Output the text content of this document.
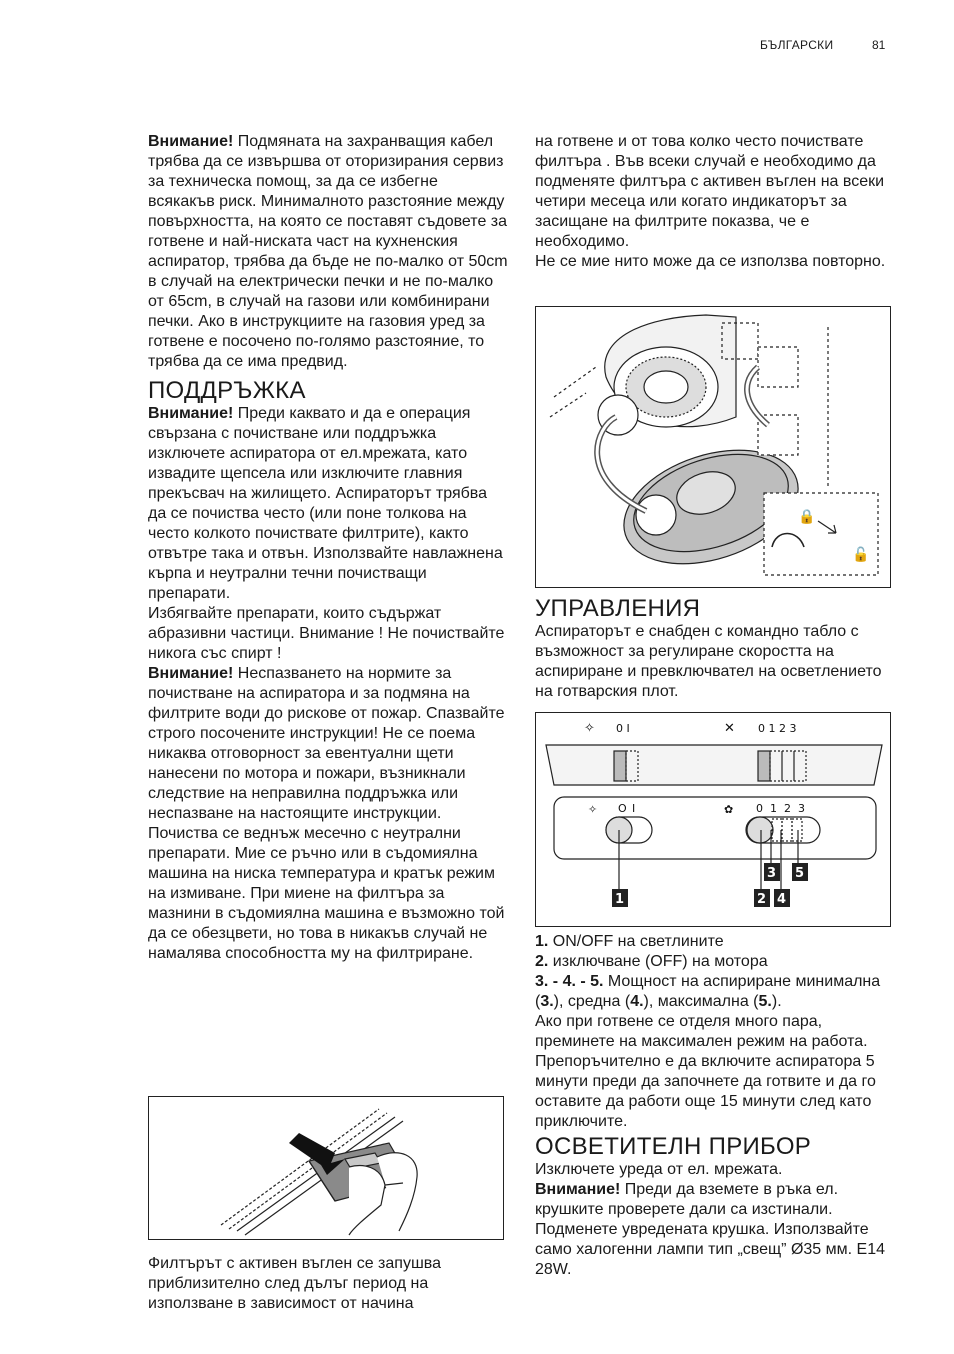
БЪЛГАРСКИ	81

Внимание! Подмяната на захранващия кабел трябва да се извършва от оторизирания сервиз за техническа помощ, за да се избегне всякакъв риск. Минималното разстояние между повърхността, на която се поставят съдовете за готвене и най-ниската част на кухненския аспиратор, трябва да бъде не по-малко от 50cm в случай на електрически печки и не по-малко от 65cm, в случай на газови или комбинирани печки. Ако в инструкциите на газовия уред за готвене е посочено по-голямо разстояние, то трябва да се има предвид.

ПОДДРЪЖКА

Внимание! Преди каквато и да е операция свързана с почистване или поддръжка изключете аспиратора от ел.мрежата, като извадите щепсела или изключите главния прекъсвач на жилището. Аспираторът трябва да се почиства често (или поне толкова на често колкото почиствате филтрите), както отвътре така и отвън. Използвайте навлажнена кърпа и неутрални течни почистващи препарати.

Избягвайте препарати, които съдържат абразивни частици. Внимание ! Не почиствайте никога със спирт !

Внимание! Неспазването на нормите за почистване на аспиратора и за подмяна на филтрите води до рискове от пожар. Спазвайте строго посочените инструкции! Не се поема никаква отговорност за евентуални щети нанесени по мотора и пожари, възникнали следствие на неправилна поддръжка или неспазване на настоящите инструкции. Почиства се веднъж месечно с неутрални препарати. Мие се ръчно или в съдомиялна машина на ниска температура и кратък режим на измиване. При миене на филтъра за мазнини в съдомиялна машина е възможно той да се обезцвети, но това в никакъв случай не намалява способността му на филтриране.

Филтърът с активен въглен се запушва приблизително след дълъг период на използване в зависимост от начина

на готвене и от това колко често почиствате филтъра . Във всеки случай е необходимо да подменяте филтъра с активен въглен на всеки четири месеца или когато индикаторът за засищане на филтрите показва, че е необходимо.

Не се мие нито може да се използва повторно.

🔒
🔓
УПРАВЛЕНИЯ

Аспираторът е снабден с командно табло с възможност за регулиране скоростта на аспириране и превключвател на осветлението на готварския плот.

✧ 0 I	✕ 0 1 2 3
✧ O I	✿ 0 1 2 3
1	2
3
4
5

1. ON/OFF на светлините

2. изключване (OFF) на мотора

3. - 4. - 5. Мощност на аспириране минимална (3.), средна (4.), максимална (5.).

Ако при готвене се отделя много пара, преминете на максимален режим на работа. Препоръчително е да включите аспиратора 5 минути преди да започнете да готвите и да го оставите да работи още 15 минути след като приключите.

ОСВЕТИТЕЛН ПРИБОР

Изключете уреда от ел. мрежата.

Внимание! Преди да вземете в ръка ел. крушките проверете дали са изстинали. Подменете увредената крушка. Използвайте само халогенни лампи тип „свещ” Ø35 мм. E14 28W.
